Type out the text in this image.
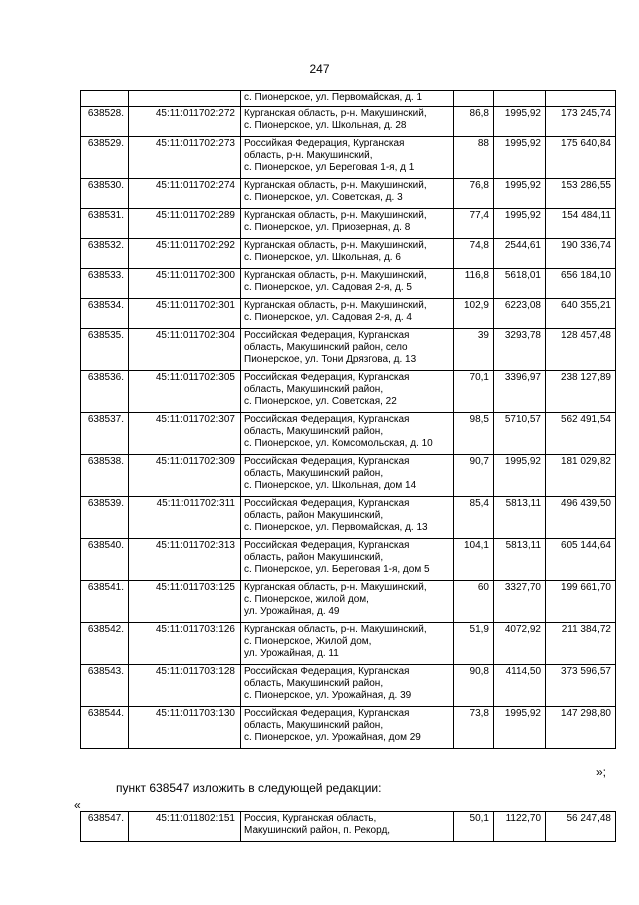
247

		с. Пионерское, ул. Первомайская, д. 1			

638528.	45:11:011702:272	Курганская область, р-н. Макушинский,
с. Пионерское, ул. Школьная, д. 28	86,8	1995,92	173 245,74
638529.	45:11:011702:273	Российкая Федерация, Курганская
область, р-н. Макушинский,
с. Пионерское, ул Береговая 1-я, д 1	88	1995,92	175 640,84
638530.	45:11:011702:274	Курганская область, р-н. Макушинский,
с. Пионерское, ул. Советская, д. 3	76,8	1995,92	153 286,55
638531.	45:11:011702:289	Курганская область, р-н. Макушинский,
с. Пионерское, ул. Приозерная, д. 8	77,4	1995,92	154 484,11
638532.	45:11:011702:292	Курганская область, р-н. Макушинский,
с. Пионерское, ул. Школьная, д. 6	74,8	2544,61	190 336,74
638533.	45:11:011702:300	Курганская область, р-н. Макушинский,
с. Пионерское, ул. Садовая 2-я, д. 5	116,8	5618,01	656 184,10
638534.	45:11:011702:301	Курганская область, р-н. Макушинский,
с. Пионерское, ул. Садовая 2-я, д. 4	102,9	6223,08	640 355,21
638535.	45:11:011702:304	Российская Федерация, Курганская
область, Макушинский район, село
Пионерское, ул. Тони Дрязгова, д. 13	39	3293,78	128 457,48
638536.	45:11:011702:305	Российская Федерация, Курганская
область, Макушинский район,
с. Пионерское, ул. Советская, 22	70,1	3396,97	238 127,89
638537.	45:11:011702:307	Российская Федерация, Курганская
область, Макушинский район,
с. Пионерское, ул. Комсомольская, д. 10	98,5	5710,57	562 491,54
638538.	45:11:011702:309	Российская Федерация, Курганская
область, Макушинский район,
с. Пионерское, ул. Школьная, дом 14	90,7	1995,92	181 029,82
638539.	45:11:011702:311	Российская Федерация, Курганская
область, район Макушинский,
с. Пионерское, ул. Первомайская, д. 13	85,4	5813,11	496 439,50
638540.	45:11:011702:313	Российская Федерация, Курганская
область, район Макушинский,
с. Пионерское, ул. Береговая 1-я, дом 5	104,1	5813,11	605 144,64
638541.	45:11:011703:125	Курганская область, р-н. Макушинский,
с. Пионерское, жилой дом,
ул. Урожайная, д. 49	60	3327,70	199 661,70
638542.	45:11:011703:126	Курганская область, р-н. Макушинский,
с. Пионерское, Жилой дом,
ул. Урожайная, д. 11	51,9	4072,92	211 384,72
638543.	45:11:011703:128	Российская Федерация, Курганская
область, Макушинский район,
с. Пионерское, ул. Урожайная, д. 39	90,8	4114,50	373 596,57
638544.	45:11:011703:130	Российская Федерация, Курганская
область, Макушинский район,
с. Пионерское, ул. Урожайная, дом 29	73,8	1995,92	147 298,80
»;
пункт 638547 изложить в следующей редакции:
«
638547.	45:11:011802:151	Россия, Курганская область,
Макушинский район, п. Рекорд,
	50,1	1122,70	56 247,48
